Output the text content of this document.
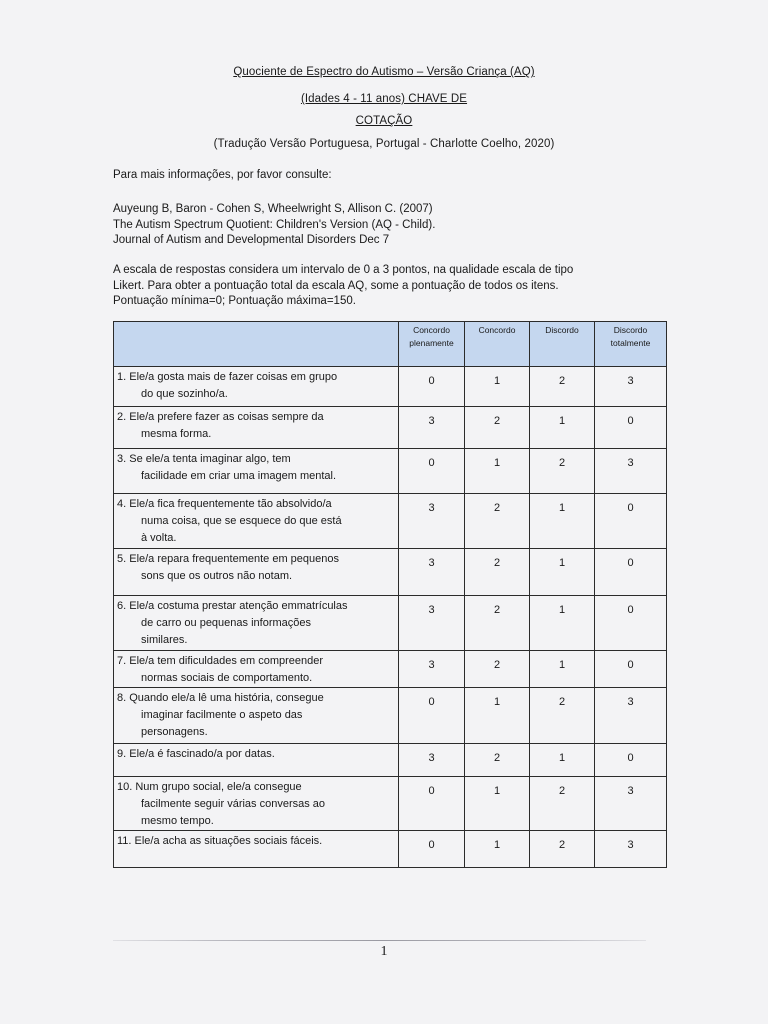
Quociente de Espectro do Autismo – Versão Criança (AQ)
(Idades 4 - 11 anos) CHAVE DE
COTAÇÃO
(Tradução Versão Portuguesa, Portugal - Charlotte Coelho, 2020)
Para mais informações, por favor consulte:
Auyeung B, Baron - Cohen S, Wheelwright S, Allison C. (2007)
The Autism Spectrum Quotient: Children's Version (AQ - Child).
Journal of Autism and Developmental Disorders Dec 7
A escala de respostas considera um intervalo de 0 a 3 pontos, na qualidade escala de tipo
Likert. Para obter a pontuação total da escala AQ, some a pontuação de todos os itens.
Pontuação mínima=0; Pontuação máxima=150.
	Concordo plenamente	Concordo	Discordo	Discordo totalmente

1. Ele/a gosta mais de fazer coisas em grupo
do que sozinho/a.	0	1	2	3

2. Ele/a prefere fazer as coisas sempre da
mesma forma.	3	2	1	0

3. Se ele/a tenta imaginar algo, tem
facilidade em criar uma imagem mental.	0	1	2	3

4. Ele/a fica frequentemente tão absolvido/a
numa coisa, que se esquece do que está
à volta.	3	2	1	0

5. Ele/a repara frequentemente em pequenos
sons que os outros não notam.	3	2	1	0

6. Ele/a costuma prestar atenção emmatrículas
de carro ou pequenas informações
similares.	3	2	1	0

7. Ele/a tem dificuldades em compreender
normas sociais de comportamento.	3	2	1	0

8. Quando ele/a lê uma história, consegue
imaginar facilmente o aspeto das
personagens.	0	1	2	3

9. Ele/a é fascinado/a por datas.	3	2	1	0

10. Num grupo social, ele/a consegue
facilmente seguir várias conversas ao
mesmo tempo.	0	1	2	3

11. Ele/a acha as situações sociais fáceis.	0	1	2	3
1
